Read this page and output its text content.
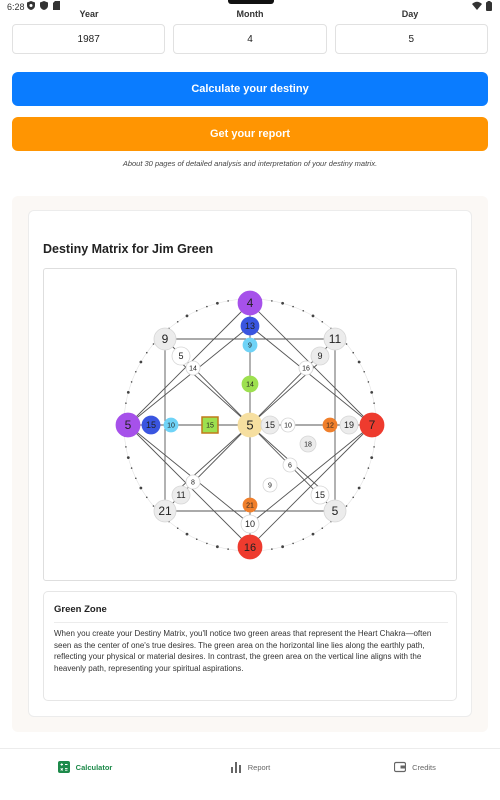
6:28
Year	Month	Day
1987
4
5
Calculate your destiny
Get your report
About 30 pages of detailed analysis and interpretation of your destiny matrix.
Destiny Matrix for Jim Green
4
13
9
14
5 15 10	15 5 15 10	7
19
12
18
16
10
21
9
5
14
11
9
16
21
11
8
5
15
9
6
Green Zone
When you create your Destiny Matrix, you'll notice two green areas that represent the Heart Chakra—often seen as the center of one's true desires. The green area on the horizontal line lies along the earthly path, reflecting your physical or material desires. In contrast, the green area on the vertical line aligns with the heavenly path, representing your spiritual aspirations.
Calculator	Report	Credits
